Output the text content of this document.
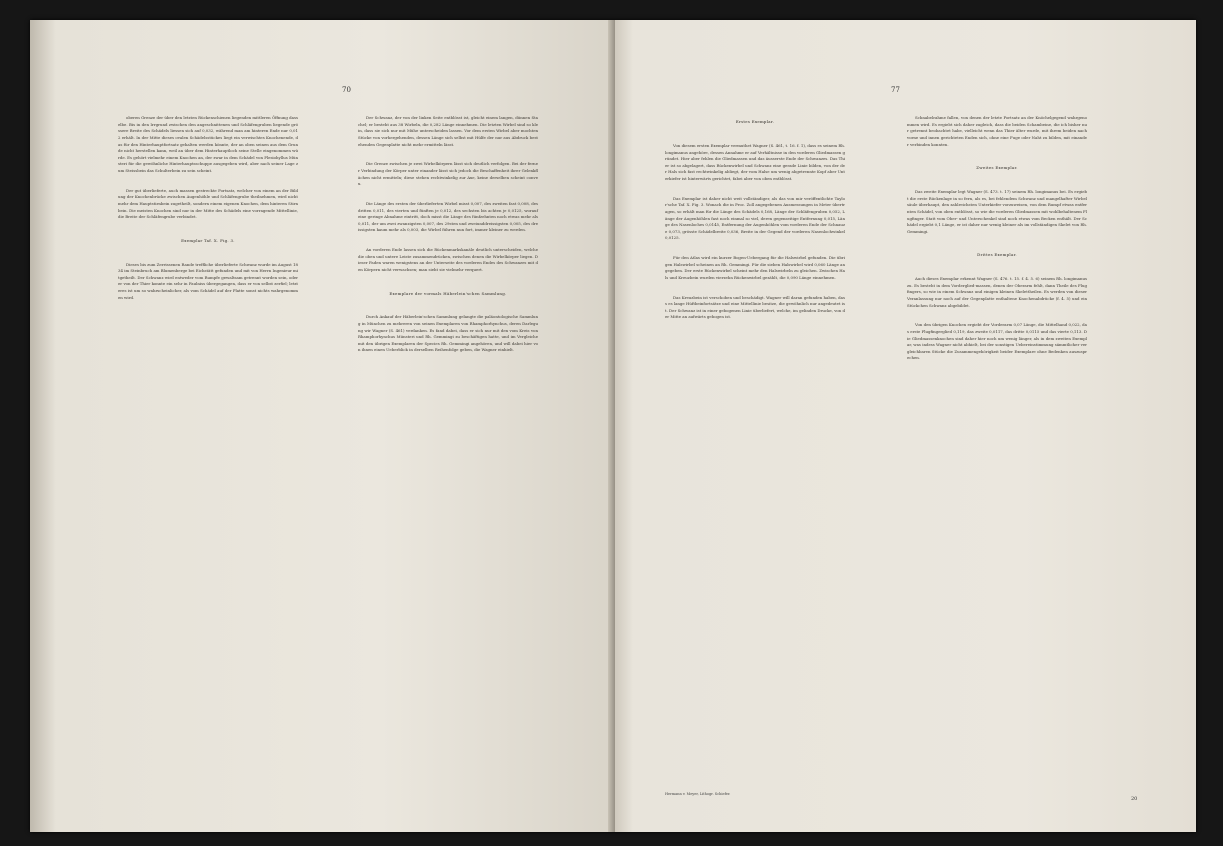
70

oberen Grenze der über den letzten Rückenschienen liegenden mittleren Öffnung dasselbe. Bis in den Irrgrund zwischen den angeschnittenen und Schläfengruben liegende grössere Breite des Schädels liessen sich auf 0,032, während man am hinteren Ende nur 0,012 erhält. In der Mitte dieses ovalen Schädelsstückes liegt ein verwischtes Knochenende, das für den Hinterhauptfortsatz gehalten werden könnte, der an oben seinen aus dem Grunde nicht herstellen kann, weil an über dem Hinterhauptloch seine Stelle eingenommen würde. Es gehört vielmehr einem Knochen an, der zwar in dem Schädel von Plesiohyllus Münsteri für die gewöhnliche Hinterhauptsschuppe ausgegeben wird, aber nach seiner Lage zum Steissbein das Schulterbein zu sein scheint.

Der gut überlieferte, auch massen gestreckte Fortsatz, welcher von einem an der Bildung der Knochenbrücke zwischen Augenhöhle und Schläfengrube theilnehmen, wird nicht mehr dem Hauptstirnbein zugetheilt, sondern einem eigenen Knochen, dem hinteren Stirnbein. Die meisten Knochen sind nur in der Mitte des Schädels eine vorragende Mittellinie, die Breite der Schläfengrube verbindet.

Exemplar Taf. X. Fig. 3.

Dieses bis zum Zerrissenen Rande treffliche überlieferte Schwanz wurde im August 1834 im Steinbruch am Blumenberge bei Eichstätt gefunden und mit von Herrn Ingenieur mitgetheilt. Der Schwanz wird entweder vom Rumpfe gewaltsam getrennt worden sein, oder er von der Thier konnte ein sehr in Faulniss übergegangen, dass er von selbst zerfiel; letzteres ist um so wahrscheinlicher, als vom Schädel auf der Platte sonst nichts wahrgenommen wird.

Der Schwanz, der von der linken Seite entblösst ist, gleicht einem langen, dünnen Stachel; er besteht aus 38 Wirbeln, die 0,282 Länge einnehmen. Die letzten Wirbel sind so klein, dass sie sich nur mit Mühe unterscheiden lassen. Vor dem ersten Wirbel aber mochten Stücke von vorhergehenden, dessen Länge sich selbst mit Hülfe der nur aus Abdruck bestehenden Gegenplatte nicht mehr ermitteln lässt.

Die Grenze zwischen je zwei Wirbelkörpern lässt sich deutlich verfolgen. Bei der ferner Verbindung der Körper unter einander lässt sich jedoch die Beschaffenheit ihrer Gelenkflächen nicht ermitteln; diese stehen rechtwinkelig zur Axe, keine derselben scheint convex.

Die Länge des ersten der überlieferten Wirbel misst 0,007, des zweiten fast 0,008, des dritten 0,011, des vierten und fünften je 0,012, des sechsten bis achten je 0,0125, worauf eine geringe Abnahme eintritt, doch misst die Länge des fünfzehnten noch etwas mehr als 0,011, der um zwei zwanzigsten 0,007, des 29sten und zweiunddreissigsten 0,005, des dreissigsten kaum mehr als 0,003, die Wirbel führen nun fort, immer kleiner zu werden.

An vorderen Ende lassen sich die Rückenmarkskanäle deutlich unterscheiden, welche die oben und untere Leiste zusammendrücken, zwischen denen die Wirbelkörper liegen. Dieser Faden waren wenigstens an der Unterseite des vorderen Endes des Schwanzes mit den Körpern nicht verwachsen; man sieht sie vielmehr verquert.

Exemplare der vormals Häberlein'schen Sammlung.

Durch Ankauf der Häberlein'schen Sammlung gelangte die paläontologische Sammlung in München zu mehreren von seinen Exemplaren von Rhamphorhynchus, deren Darlegung wir Wagner (S. 461) verdanken. Es fand dabei, dass er sich nur mit den vom Kreis von Rhamphorhynchus Münsteri und Rh. Gemmingi zu beschäftigen hatte, und im Vergleiche mit den übrigen Exemplaren der Species Rh. Gemmingi angehören, und will dabei hier von ihnen einen Ueberblick in derselben Reihenfolge geben, die Wagner einhielt.

77

Erstes Exemplar.

Von diesem ersten Exemplar vermuthet Wagner (S. 461, t. 16. f. 1), dass es seinem Rh. longimanus angehöre, dessen Annahme er auf Verhältnisse in den vorderen Gliedmassen gründet. Hier aber fehlen die Gliedmassen und das äusserste Ende der Schwanzes. Das Thier ist so abgelagert, dass Rückenwirbel und Schwanz eine gerade Linie bilden, von der der Hals sich fast rechtwinkelig abliegt, der vom Halse um wenig abgetrennte Kopf aber Unterkiefer ist hinterwärts gerichtet, fabei aber von oben entblösst.

Das Exemplar ist daher nicht weit vollständiger, als das von mir veröffentlichte Taylor'sche Taf. X. Fig. 3. Wonach die in Proc. Zoll angegebenen Ausmessungen in Meter übertragen, so erhält man für die Länge des Schädels 0,168, Länge der Schläfengruben 0,052, Länge der Augenhöhlen fast noch einmal so viel, deren gegenseitige Entfernung 0,015, Länge des Nasenloches 0,0145, Entfernung der Augenhöhlen vom vorderen Ende der Schnauze 0,073, grösste Schädelbreite 0,036, Breite in der Gegend der vorderen Nasenlochwinkel 0,0125.

Für den Atlas wird ein kurzer Bogen-Uebergang für die Halswirbel gefunden. Die übrigen Halswirbel scheinen an Rh. Gemmingi. Für die sieben Halswirbel wird 0,060 Länge angegeben. Der erste Rückenwirbel scheint mehr den Halswirbeln zu gleichen. Zwischen Hals und Kreuzbein wurden vierzehn Rückenwirbel gezählt, die 0,090 Länge einnehmen.

Das Kreuzbein ist verschoben und beschädigt. Wagner will daran gefunden haben, dass es lange Hüftbeinfortsätze und eine Mittellinie besitze, die gewöhnlich nur angedeutet ist. Der Schwanz ist in einer gebogenen Linie überliefert, welche, im gelinden Drucke, von der Mitte an aufwärts gebogen ist.

Hermann v. Meyer, Lithogr. Schiefer.

Schnabelrahme fallen, von denen der letzte Fortsatz an der Knöchelgegend wahrgenommen wird. Es ergiebt sich daher zugleich, dass die beiden Schambeine, die ich bisher nur getrennt beobachtet habe, vielleicht wenn das Thier älter wurde, mit ihrem beiden nach vorne und innen gerichteten Enden sich, ohne eine Fuge oder Naht zu bilden, mit einander verbinden konnten.

Zweites Exemplar.

Das zweite Exemplar legt Wagner (S. 473. t. 17) seinem Rh. longimanus bei. Es ergiebt die erste Rückenlage in so fern, als es, bei fehlendem Schwanz und mangelhafter Wirbelsäule überhaupt, den zahlreichsten Unterkiefer vorzuweisen, von dem Rumpf etwas entfernten Schädel, von oben entblösst, so wie die vorderen Gliedmassen mit wohlbehaltenem Flugfinger. Statt vom Ober- und Unterschenkel sind noch etwas vom Becken enthält. Der Schädel ergiebt 0,1 Länge, er ist daher nur wenig kleiner als im vollständigen Skelet von Rh. Gemmingi.

Drittes Exemplar.

Auch dieses Exemplar erkennt Wagner (S. 476. t. 15. f. 4. 5. 6) seinem Rh. longimanus zu. Es besteht in dem Vorderglied-massen, denen der Oberarm fehlt, dann Theile des Flugfingers, so wie in einem Schwanz und einigen kleinen Skelettheilen. Es werden von dieser Veranlassung nur noch auf der Gegenplatte enthaltene Knochenabdrücke (f. 4. 5) und ein Stückchen Schwanz abgebildet.

Von den übrigen Knochen ergiebt der Vorderarm 0,07 Länge, die Mittelhand 0,022, das erste Flugfingerglied 0,119, das zweite 0,0117, das dritte 0,0115 und das vierte 0,113. Die Gliedmassenknochen sind daher hier noch um wenig länger, als in dem zweiten Exemplar, was indess Wagner nicht abhielt, bei der sonstigen Uebereinstimmung sämmtlicher vergleichbaren Stücke die Zusammengehörigkeit beider Exemplare ohne Bedenken auszusprechen.

20
